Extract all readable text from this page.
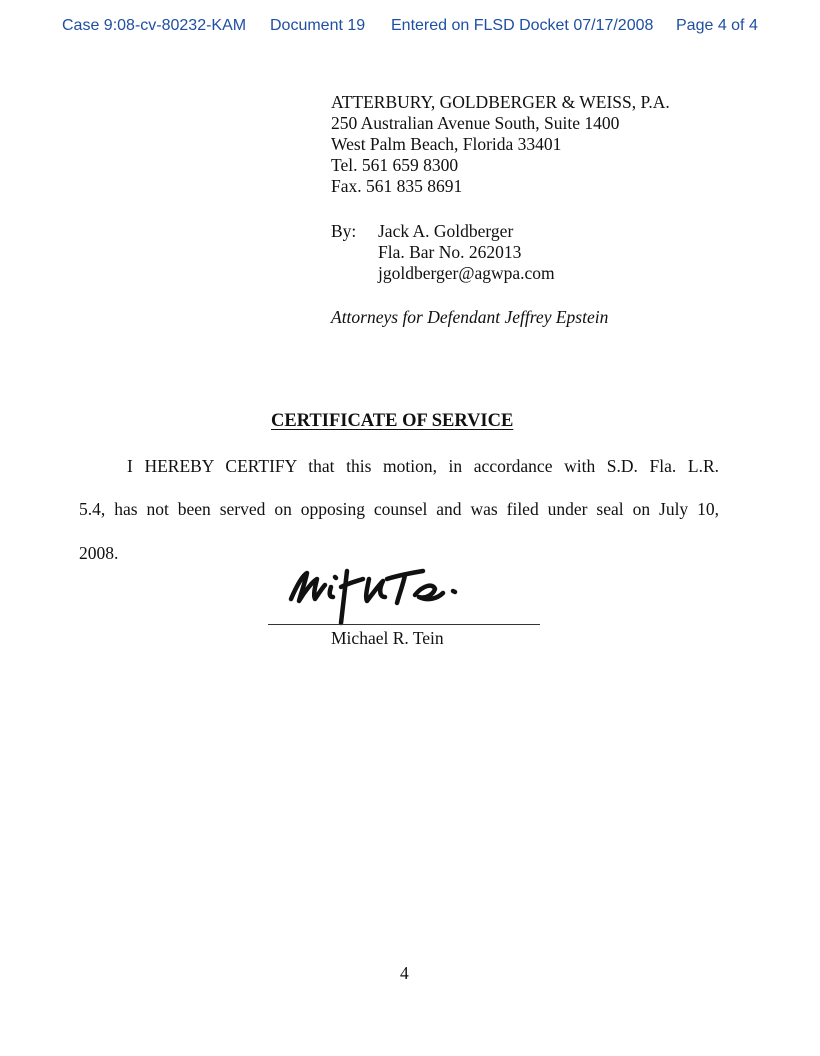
Case 9:08-cv-80232-KAM Document 19 Entered on FLSD Docket 07/17/2008 Page 4 of 4
ATTERBURY, GOLDBERGER & WEISS, P.A.
250 Australian Avenue South, Suite 1400
West Palm Beach, Florida 33401
Tel. 561 659 8300
Fax. 561 835 8691
By: Jack A. Goldberger
Fla. Bar No. 262013
jgoldberger@agwpa.com
Attorneys for Defendant Jeffrey Epstein
CERTIFICATE OF SERVICE
I HEREBY CERTIFY that this motion, in accordance with S.D. Fla. L.R.
5.4, has not been served on opposing counsel and was filed under seal on July 10,
2008.
Michael R. Tein
4
